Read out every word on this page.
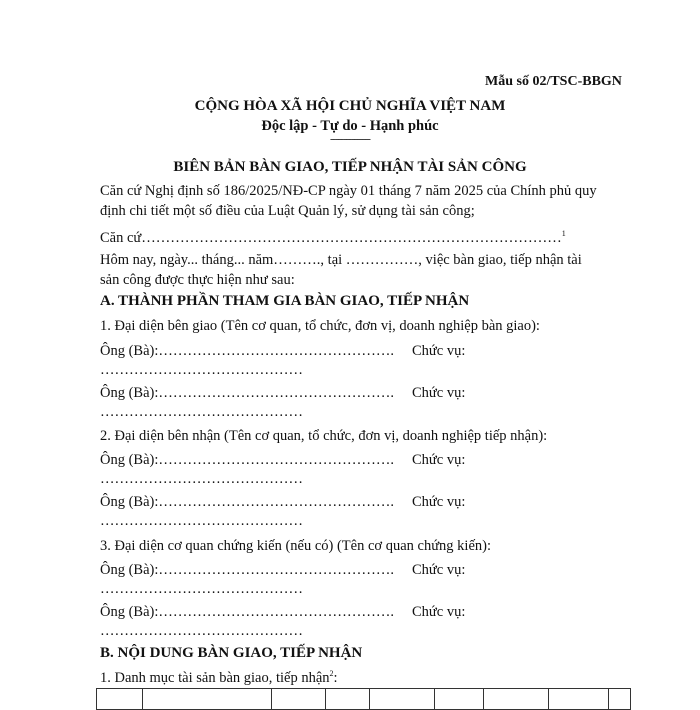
Mẫu số 02/TSC-BBGN
CỘNG HÒA XÃ HỘI CHỦ NGHĨA VIỆT NAM
Độc lập - Tự do - Hạnh phúc
---------------
BIÊN BẢN BÀN GIAO, TIẾP NHẬN TÀI SẢN CÔNG
Căn cứ Nghị định số 186/2025/NĐ-CP ngày 01 tháng 7 năm 2025 của Chính phủ quy
định chi tiết một số điều của Luật Quản lý, sử dụng tài sản công;
Căn cứ……………………………………………………………………………$^1$
Hôm nay, ngày... tháng... năm………., tại ……………, việc bàn giao, tiếp nhận tài
sản công được thực hiện như sau:
A. THÀNH PHẦN THAM GIA BÀN GIAO, TIẾP NHẬN
1. Đại diện bên giao (Tên cơ quan, tổ chức, đơn vị, doanh nghiệp bàn giao):
Ông (Bà):…………………………………………. Chức vụ:
……………………………………
Ông (Bà):…………………………………………. Chức vụ:
……………………………………
2. Đại diện bên nhận (Tên cơ quan, tổ chức, đơn vị, doanh nghiệp tiếp nhận):
Ông (Bà):…………………………………………. Chức vụ:
……………………………………
Ông (Bà):…………………………………………. Chức vụ:
……………………………………
3. Đại diện cơ quan chứng kiến (nếu có) (Tên cơ quan chứng kiến):
Ông (Bà):…………………………………………. Chức vụ:
……………………………………
Ông (Bà):…………………………………………. Chức vụ:
……………………………………
B. NỘI DUNG BÀN GIAO, TIẾP NHẬN
1. Danh mục tài sản bàn giao, tiếp nhận$^2$:
